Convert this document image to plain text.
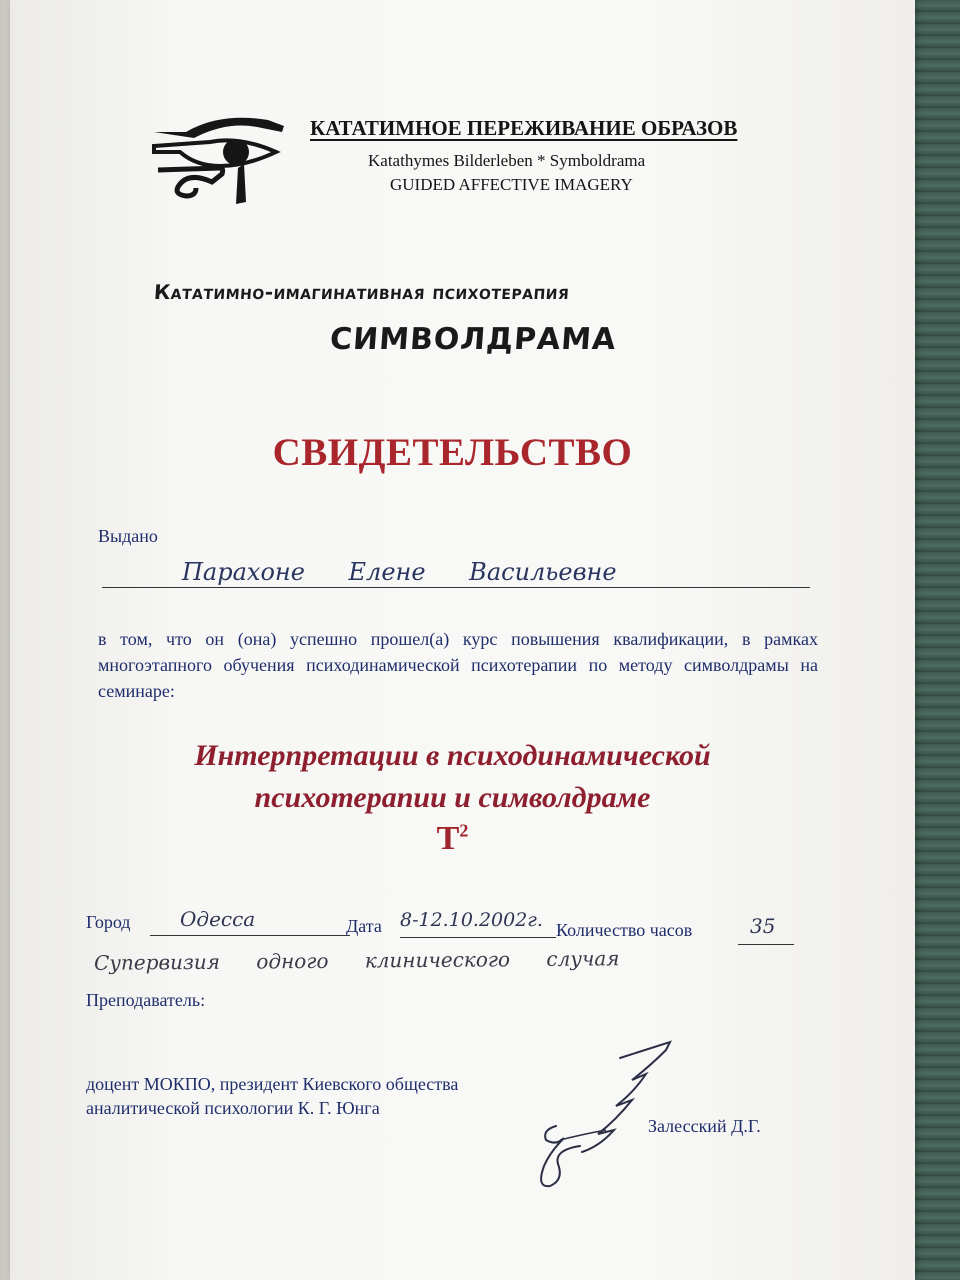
КАТАТИМНОЕ ПЕРЕЖИВАНИЕ ОБРАЗОВ
Katathymes Bilderleben * Symboldrama
GUIDED AFFECTIVE IMAGERY
Кататимно-имагинативная психотерапия
СИМВОЛДРАМА
СВИДЕТЕЛЬСТВО
Выдано
Парахоне Елене Васильевне
в том, что он (она) успешно прошел(а) курс повышения квалификации, в рамках многоэтапного обучения психодинамической психотерапии по методу символдрамы на семинаре:
Интерпретации в психодинамической
психотерапии и символдраме
$T^2$
Город Одесса	Дата 8-12.10.2002г. Количество часов	35
Супервизия одного клинического случая
Преподаватель:
доцент МОКПО, президент Киевского общества
аналитической психологии К. Г. Юнга
Залесский Д.Г.
